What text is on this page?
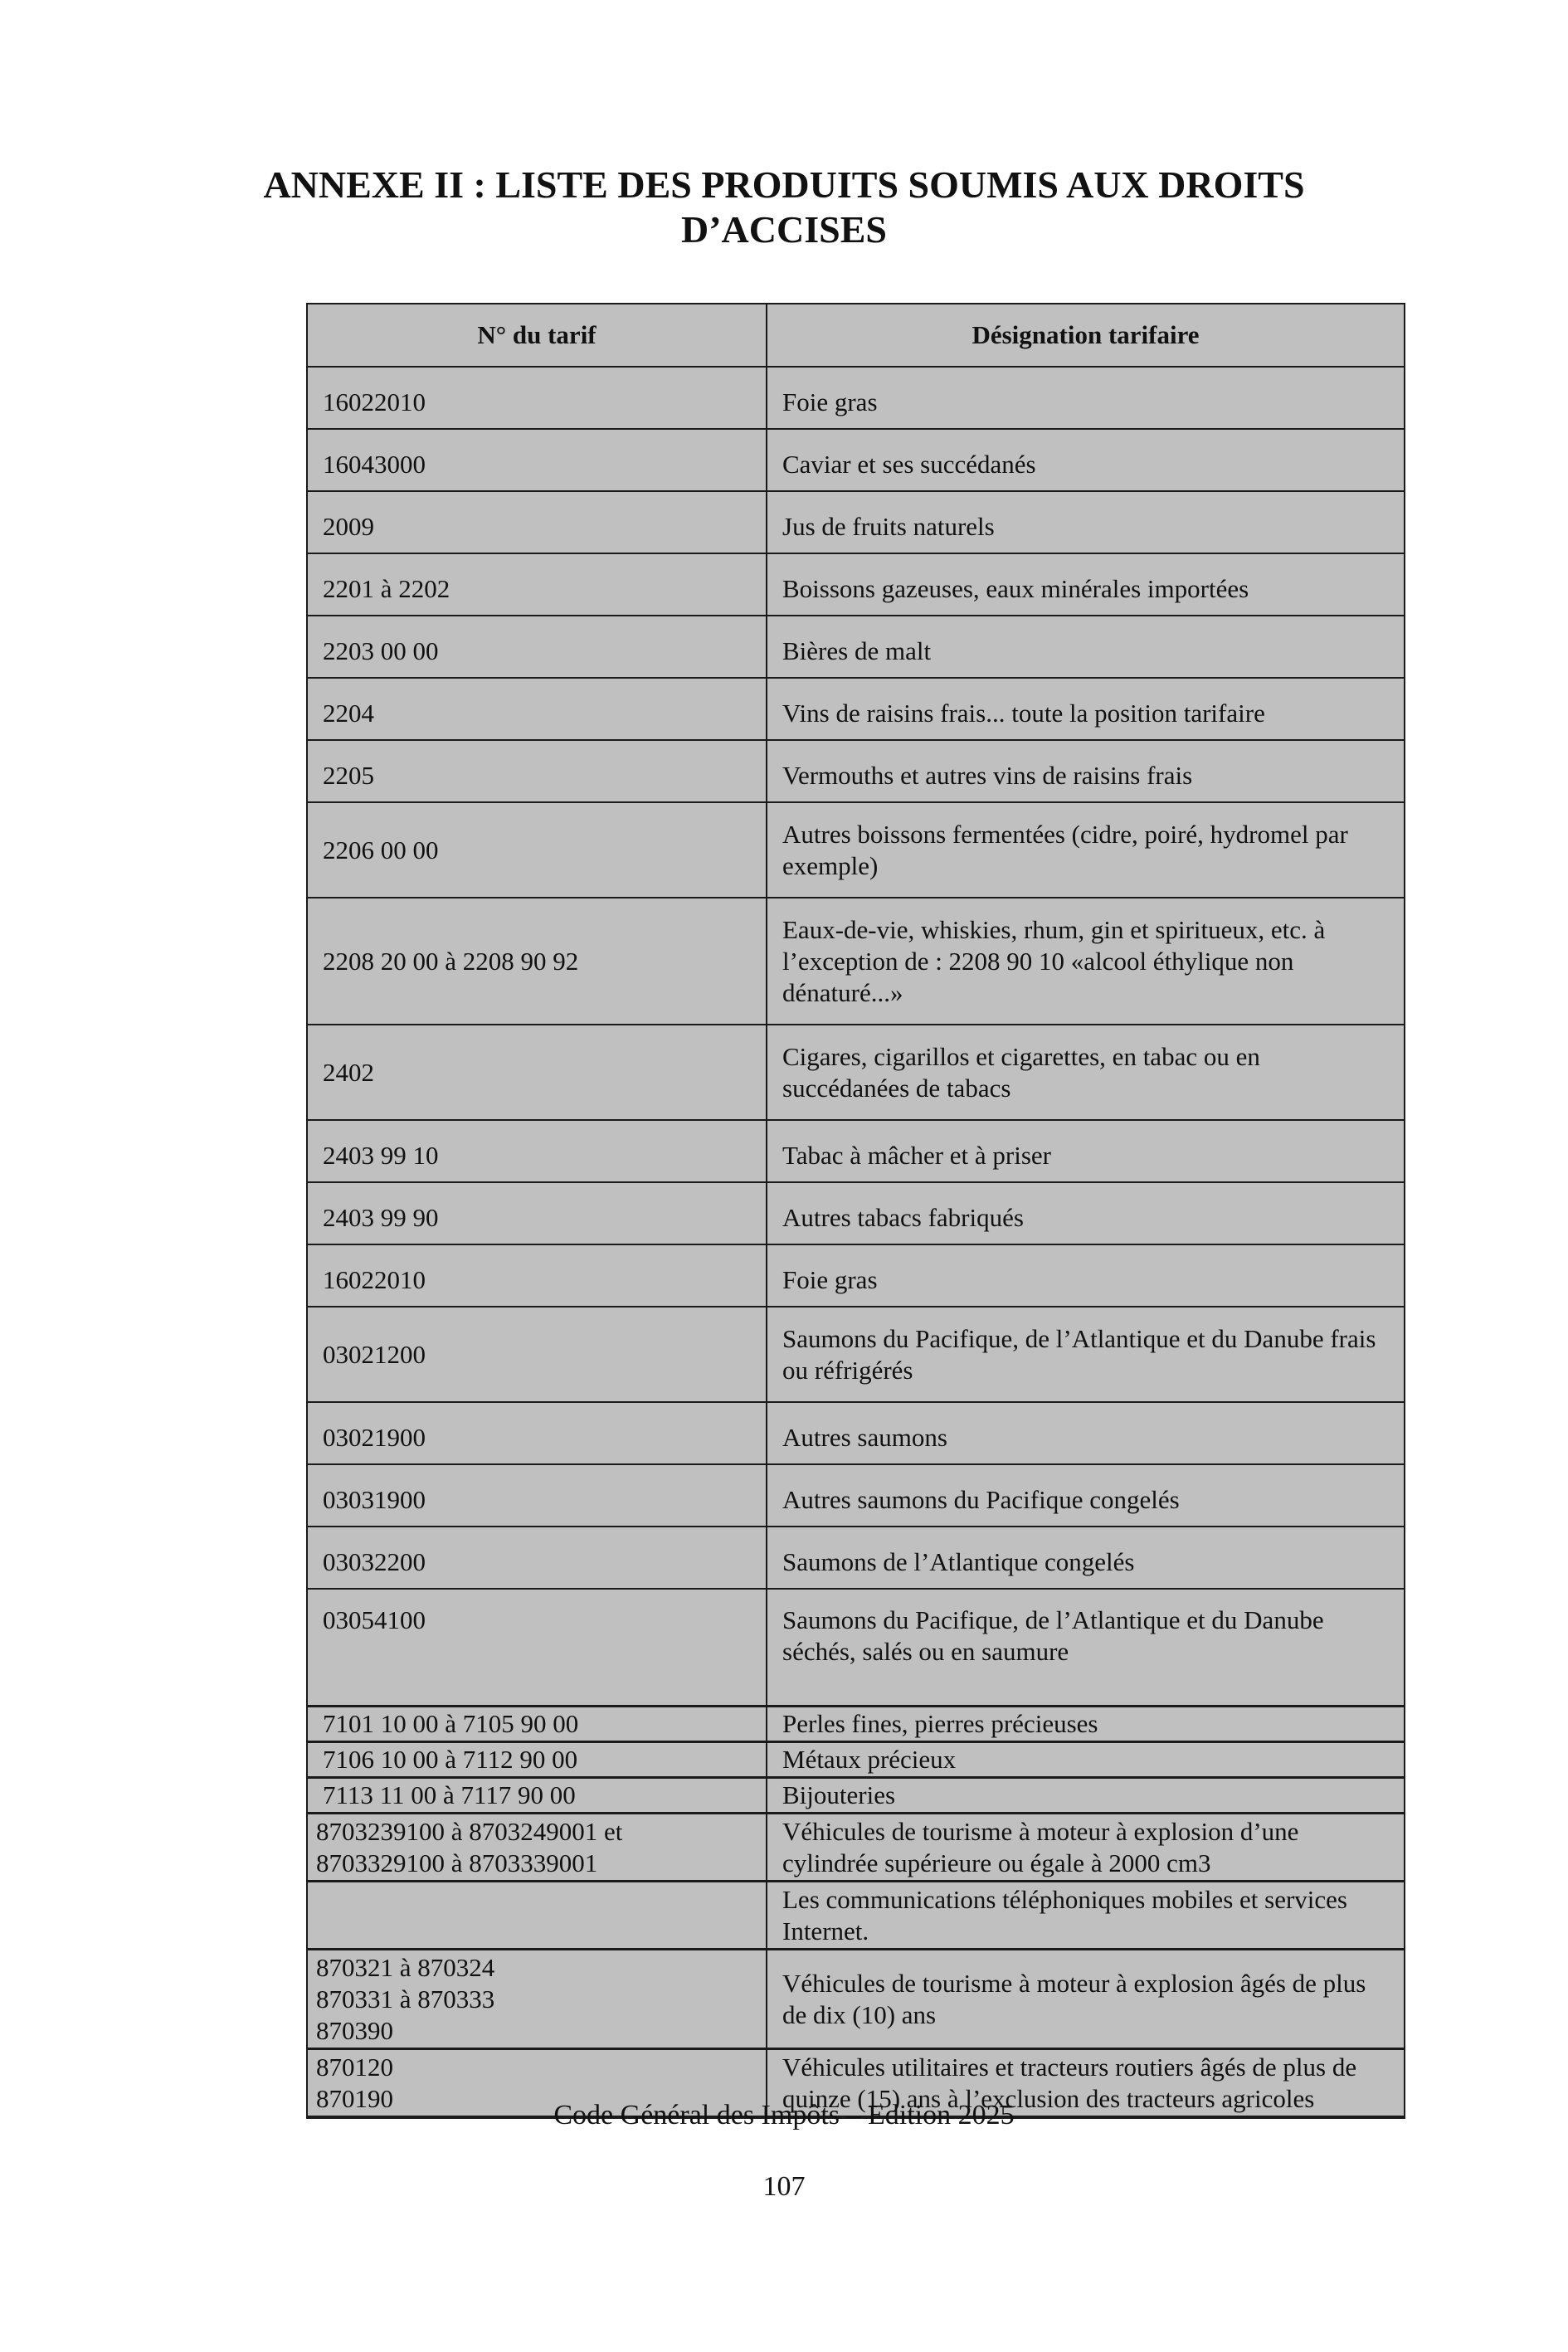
ANNEXE II : LISTE DES PRODUITS SOUMIS AUX DROITS
D’ACCISES
N° du tarif	Désignation tarifaire
16022010	Foie gras
16043000	Caviar et ses succédanés
2009	Jus de fruits naturels
2201 à 2202	Boissons gazeuses, eaux minérales importées
2203 00 00	Bières de malt
2204	Vins de raisins frais... toute la position tarifaire
2205	Vermouths et autres vins de raisins frais
2206 00 00	Autres boissons fermentées (cidre, poiré, hydromel par exemple)
2208 20 00 à 2208 90 92	Eaux-de-vie, whiskies, rhum, gin et spiritueux, etc. à l’exception de : 2208 90 10 «alcool éthylique non dénaturé...»
2402	Cigares, cigarillos et cigarettes, en tabac ou en succédanées de tabacs
2403 99 10	Tabac à mâcher et à priser
2403 99 90	Autres tabacs fabriqués
16022010	Foie gras
03021200	Saumons du Pacifique, de l’Atlantique et du Danube frais ou réfrigérés
03021900	Autres saumons
03031900	Autres saumons du Pacifique congelés
03032200	Saumons de l’Atlantique congelés
03054100	Saumons du Pacifique, de l’Atlantique et du Danube séchés, salés ou en saumure
7101 10 00 à 7105 90 00	Perles fines, pierres précieuses
7106 10 00 à 7112 90 00	Métaux précieux
7113 11 00 à 7117 90 00	Bijouteries

8703239100 à 8703249001 et
8703329100 à 8703339001	Véhicules de tourisme à moteur à explosion d’une cylindrée supérieure ou égale à 2000 cm3
	Les communications téléphoniques mobiles et services Internet.

870321 à 870324
870331 à 870333
870390	Véhicules de tourisme à moteur à explosion âgés de plus de dix (10) ans

870120
870190	Véhicules utilitaires et tracteurs routiers âgés de plus de quinze (15) ans à l’exclusion des tracteurs agricoles
Code Général des Impôts – Edition 2025
107
